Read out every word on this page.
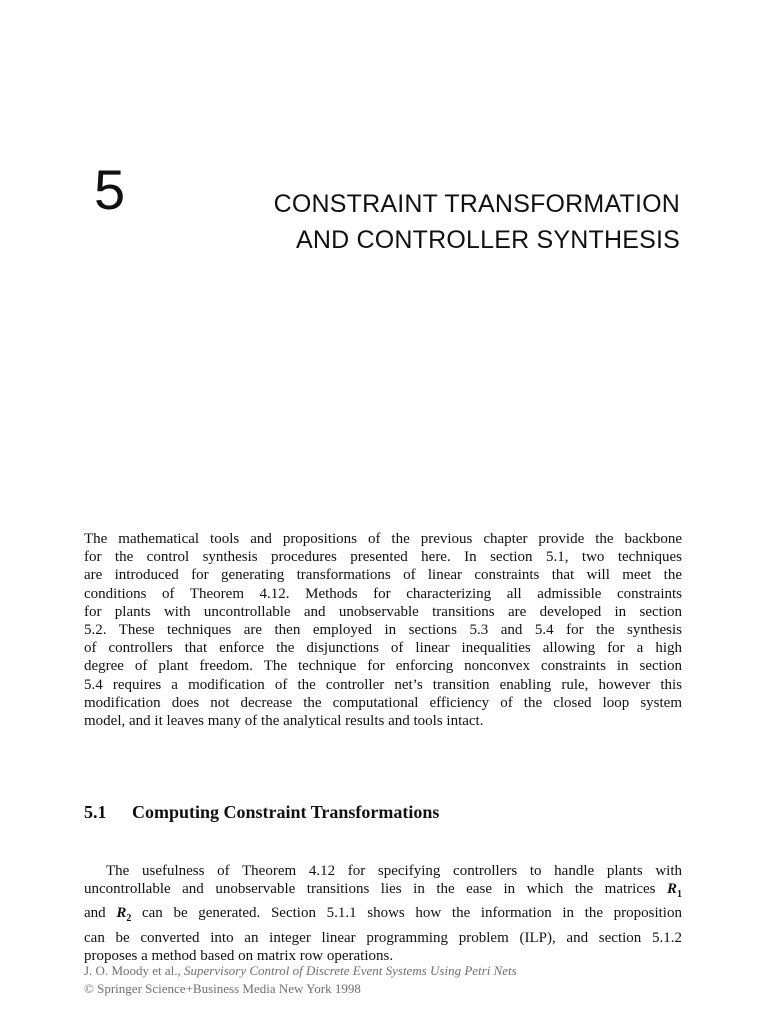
5	CONSTRAINT TRANSFORMATION
AND CONTROLLER SYNTHESIS

The mathematical tools and propositions of the previous chapter provide the backbone
for the control synthesis procedures presented here. In section 5.1, two techniques
are introduced for generating transformations of linear constraints that will meet the
conditions of Theorem 4.12. Methods for characterizing all admissible constraints
for plants with uncontrollable and unobservable transitions are developed in section
5.2. These techniques are then employed in sections 5.3 and 5.4 for the synthesis
of controllers that enforce the disjunctions of linear inequalities allowing for a high
degree of plant freedom. The technique for enforcing nonconvex constraints in section
5.4 requires a modification of the controller net’s transition enabling rule, however this
modification does not decrease the computational efficiency of the closed loop system
model, and it leaves many of the analytical results and tools intact.

5.1 Computing Constraint Transformations

The usefulness of Theorem 4.12 for specifying controllers to handle plants with
uncontrollable and unobservable transitions lies in the ease in which the matrices $R_1$
and $R_2$ can be generated. Section 5.1.1 shows how the information in the proposition
can be converted into an integer linear programming problem (ILP), and section 5.1.2
proposes a method based on matrix row operations.

J. O. Moody et al., Supervisory Control of Discrete Event Systems Using Petri Nets
© Springer Science+Business Media New York 1998
